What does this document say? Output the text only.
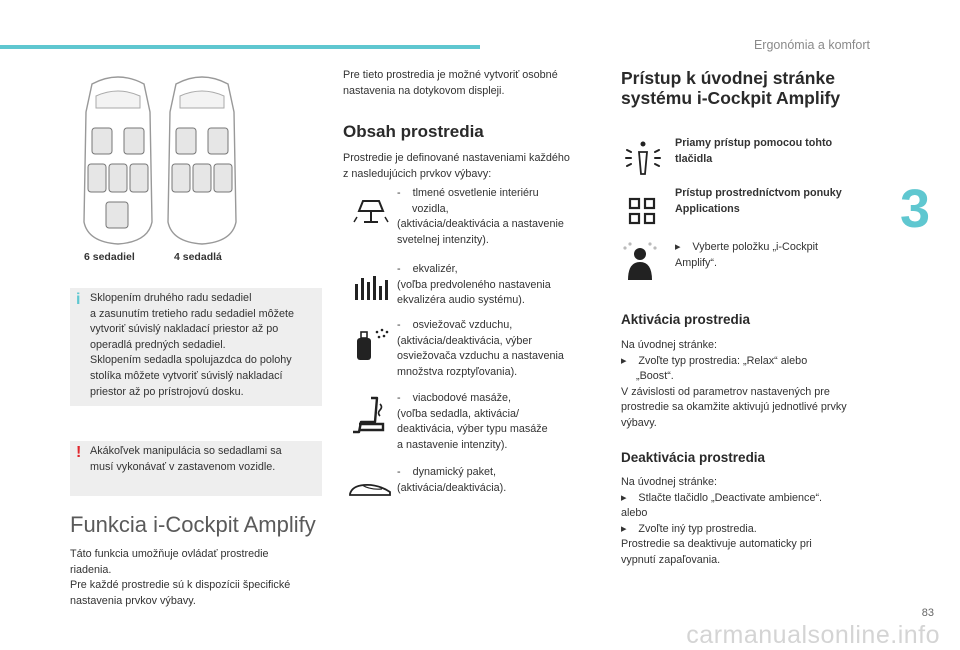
Ergonómia a komfort
3
83
carmanualsonline.info
6 sedadiel	4 sedadlá
i Sklopením druhého radu sedadiel
a zasunutím tretieho radu sedadiel môžete
vytvoriť súvislý nakladací priestor až po
operadlá predných sedadiel.
Sklopením sedadla spolujazdca do polohy
stolíka môžete vytvoriť súvislý nakladací
priestor až po prístrojovú dosku.
! Akákoľvek manipulácia so sedadlami sa
musí vykonávať v zastavenom vozidle.
Funkcia i-Cockpit Amplify
Táto funkcia umožňuje ovládať prostredie
riadenia.
Pre každé prostredie sú k dispozícii špecifické
nastavenia prvkov výbavy.
Pre tieto prostredia je možné vytvoriť osobné
nastavenia na dotykovom displeji.
Obsah prostredia
Prostredie je definované nastaveniami každého
z nasledujúcich prvkov výbavy:
-    tlmené osvetlenie interiéru
vozidla,
(aktivácia/deaktivácia a nastavenie
svetelnej intenzity).
-    ekvalizér,
(voľba predvoleného nastavenia
ekvalizéra audio systému).
-    osviežovač vzduchu,
(aktivácia/deaktivácia, výber
osviežovača vzduchu a nastavenia
množstva rozptyľovania).
-    viacbodové masáže,
(voľba sedadla, aktivácia/
deaktivácia, výber typu masáže
a nastavenie intenzity).
-    dynamický paket,
(aktivácia/deaktivácia).
Prístup k úvodnej stránke
systému i-Cockpit Amplify
Priamy prístup pomocou tohto
tlačidla
Prístup prostredníctvom ponuky
Applications
▸    Vyberte položku „i-Cockpit
Amplify“.
Aktivácia prostredia
Na úvodnej stránke:
▸    Zvoľte typ prostredia: „Relax“ alebo
„Boost“.
V závislosti od parametrov nastavených pre
prostredie sa okamžite aktivujú jednotlivé prvky
výbavy.
Deaktivácia prostredia
Na úvodnej stránke:
▸    Stlačte tlačidlo „Deactivate ambience“.
alebo
▸    Zvoľte iný typ prostredia.
Prostredie sa deaktivuje automaticky pri
vypnutí zapaľovania.
